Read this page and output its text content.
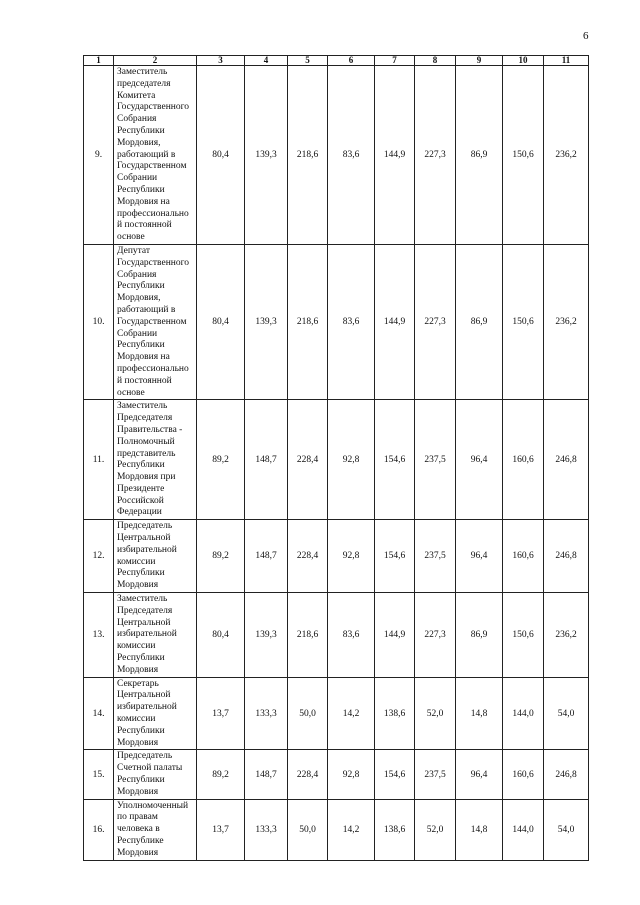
6
1	2	3	4	5	6	7	8	9	10	11
9.	Заместитель председателя Комитета Государственного Собрания Республики Мордовия, работающий в Государственном Собрании Республики Мордовия на профессионально й постоянной основе	80,4	139,3	218,6	83,6	144,9	227,3	86,9	150,6	236,2
10.	Депутат Государственного Собрания Республики Мордовия, работающий в Государственном Собрании Республики Мордовия на профессионально й постоянной основе	80,4	139,3	218,6	83,6	144,9	227,3	86,9	150,6	236,2
11.	Заместитель Председателя Правительства - Полномочный представитель Республики Мордовия при Президенте Российской Федерации	89,2	148,7	228,4	92,8	154,6	237,5	96,4	160,6	246,8
12.	Председатель Центральной избирательной комиссии Республики Мордовия	89,2	148,7	228,4	92,8	154,6	237,5	96,4	160,6	246,8
13.	Заместитель Председателя Центральной избирательной комиссии Республики Мордовия	80,4	139,3	218,6	83,6	144,9	227,3	86,9	150,6	236,2
14.	Секретарь Центральной избирательной комиссии Республики Мордовия	13,7	133,3	50,0	14,2	138,6	52,0	14,8	144,0	54,0
15.	Председатель Счетной палаты Республики Мордовия	89,2	148,7	228,4	92,8	154,6	237,5	96,4	160,6	246,8
16.	Уполномоченный по правам человека в Республике Мордовия	13,7	133,3	50,0	14,2	138,6	52,0	14,8	144,0	54,0
